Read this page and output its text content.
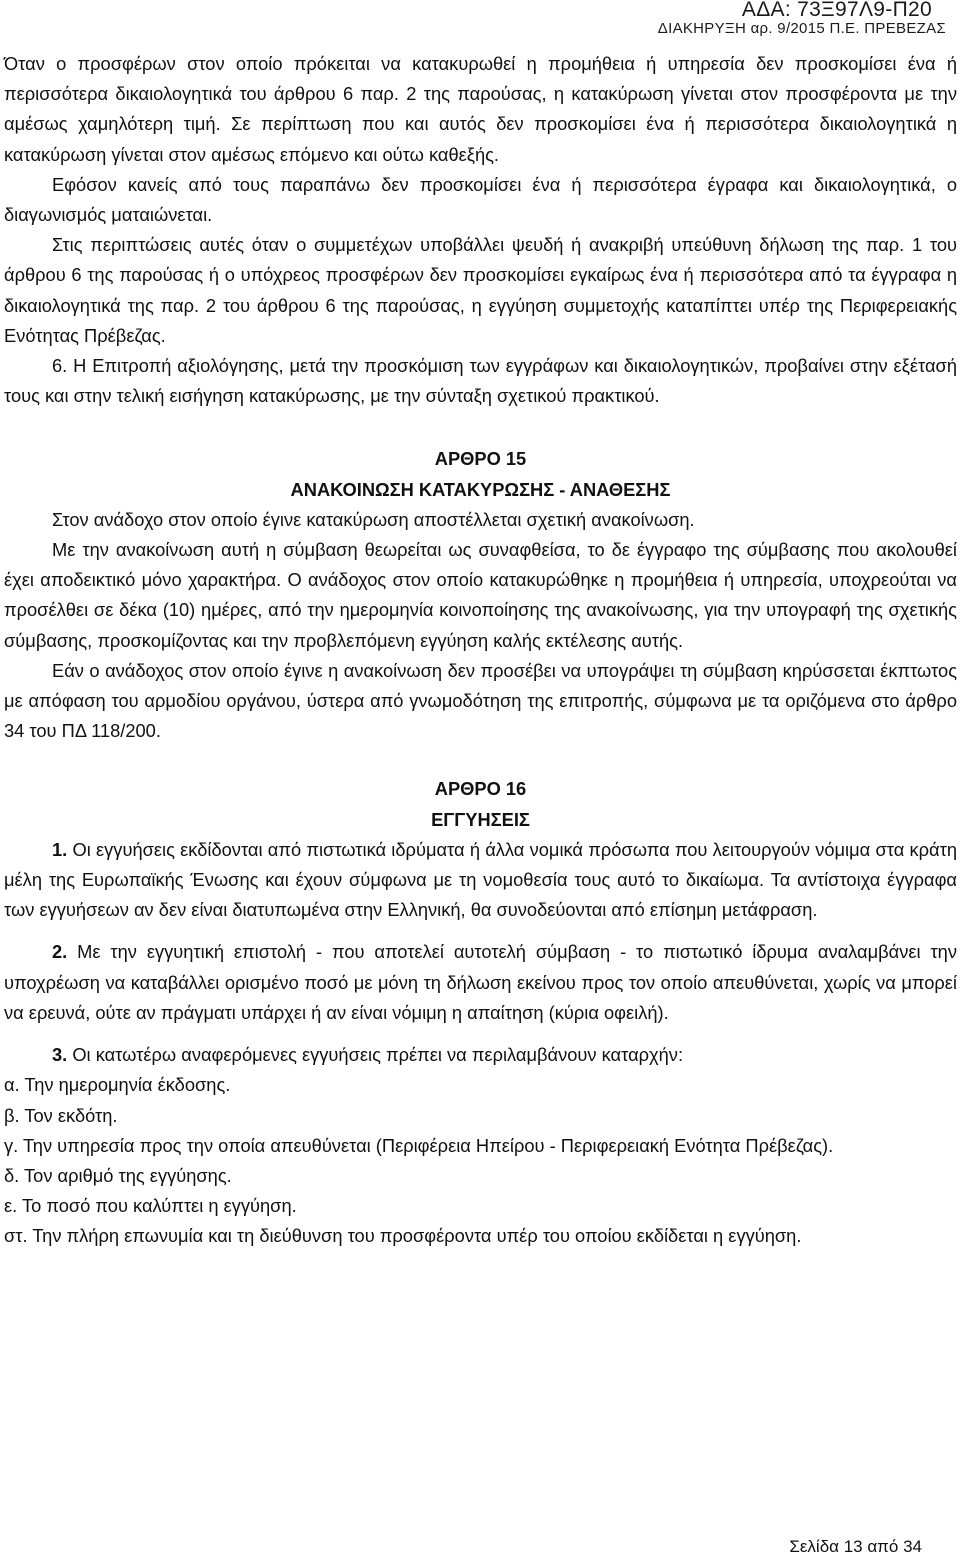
ΑΔΑ: 73Ξ97Λ9-Π20
ΔΙΑΚΗΡΥΞΗ αρ. 9/2015 Π.Ε. ΠΡΕΒΕΖΑΣ

Όταν ο προσφέρων στον οποίο πρόκειται να κατακυρωθεί η προμήθεια ή υπηρεσία δεν προσκομίσει ένα ή περισσότερα δικαιολογητικά του άρθρου 6 παρ. 2 της παρούσας, η κατακύρωση γίνεται στον προσφέροντα με την αμέσως χαμηλότερη τιμή. Σε περίπτωση που και αυτός δεν προσκομίσει ένα ή περισσότερα δικαιολογητικά η κατακύρωση γίνεται στον αμέσως επόμενο και ούτω καθεξής.

Εφόσον κανείς από τους παραπάνω δεν προσκομίσει ένα ή περισσότερα έγραφα και δικαιολογητικά, ο διαγωνισμός ματαιώνεται.

Στις περιπτώσεις αυτές όταν ο συμμετέχων υποβάλλει ψευδή ή ανακριβή υπεύθυνη δήλωση της παρ. 1 του άρθρου 6 της παρούσας ή ο υπόχρεος προσφέρων δεν προσκομίσει εγκαίρως ένα ή περισσότερα από τα έγγραφα η δικαιολογητικά της παρ. 2 του άρθρου 6 της παρούσας, η εγγύηση συμμετοχής καταπίπτει υπέρ της Περιφερειακής Ενότητας Πρέβεζας.

6. Η Επιτροπή αξιολόγησης, μετά την προσκόμιση των εγγράφων και δικαιολογητικών, προβαίνει στην εξέτασή τους και στην τελική εισήγηση κατακύρωσης, με την σύνταξη σχετικού πρακτικού.

ΑΡΘΡΟ 15

ΑΝΑΚΟΙΝΩΣΗ ΚΑΤΑΚΥΡΩΣΗΣ - ΑΝΑΘΕΣΗΣ

Στον ανάδοχο στον οποίο έγινε κατακύρωση αποστέλλεται σχετική ανακοίνωση.

Με την ανακοίνωση αυτή η σύμβαση θεωρείται ως συναφθείσα, το δε έγγραφο της σύμβασης που ακολουθεί έχει αποδεικτικό μόνο χαρακτήρα. Ο ανάδοχος στον οποίο κατακυρώθηκε η προμήθεια ή υπηρεσία, υποχρεούται να προσέλθει σε δέκα (10) ημέρες, από την ημερομηνία κοινοποίησης της ανακοίνωσης, για την υπογραφή της σχετικής σύμβασης, προσκομίζοντας και την προβλεπόμενη εγγύηση καλής εκτέλεσης αυτής.

Εάν ο ανάδοχος στον οποίο έγινε η ανακοίνωση δεν προσέβει να υπογράψει τη σύμβαση κηρύσσεται έκπτωτος με απόφαση του αρμοδίου οργάνου, ύστερα από γνωμοδότηση της επιτροπής, σύμφωνα με τα οριζόμενα στο άρθρο 34 του ΠΔ 118/200.

ΑΡΘΡΟ 16

ΕΓΓΥΗΣΕΙΣ

1. Οι εγγυήσεις εκδίδονται από πιστωτικά ιδρύματα ή άλλα νομικά πρόσωπα που λειτουργούν νόμιμα στα κράτη μέλη της Ευρωπαϊκής Ένωσης και έχουν σύμφωνα με τη νομοθεσία τους αυτό το δικαίωμα. Τα αντίστοιχα έγγραφα των εγγυήσεων αν δεν είναι διατυπωμένα στην Ελληνική, θα συνοδεύονται από επίσημη μετάφραση.

2. Με την εγγυητική επιστολή - που αποτελεί αυτοτελή σύμβαση - το πιστωτικό ίδρυμα αναλαμβάνει την υποχρέωση να καταβάλλει ορισμένο ποσό με μόνη τη δήλωση εκείνου προς τον οποίο απευθύνεται, χωρίς να μπορεί να ερευνά, ούτε αν πράγματι υπάρχει ή αν είναι νόμιμη η απαίτηση (κύρια οφειλή).

3. Οι κατωτέρω αναφερόμενες εγγυήσεις πρέπει να περιλαμβάνουν καταρχήν:

α. Την ημερομηνία έκδοσης.

β. Τον εκδότη.

γ. Την υπηρεσία προς την οποία απευθύνεται (Περιφέρεια Ηπείρου - Περιφερειακή Ενότητα Πρέβεζας).

δ. Τον αριθμό της εγγύησης.

ε. Το ποσό που καλύπτει η εγγύηση.

στ. Την πλήρη επωνυμία και τη διεύθυνση του προσφέροντα υπέρ του οποίου εκδίδεται η εγγύηση.

Σελίδα 13 από 34
